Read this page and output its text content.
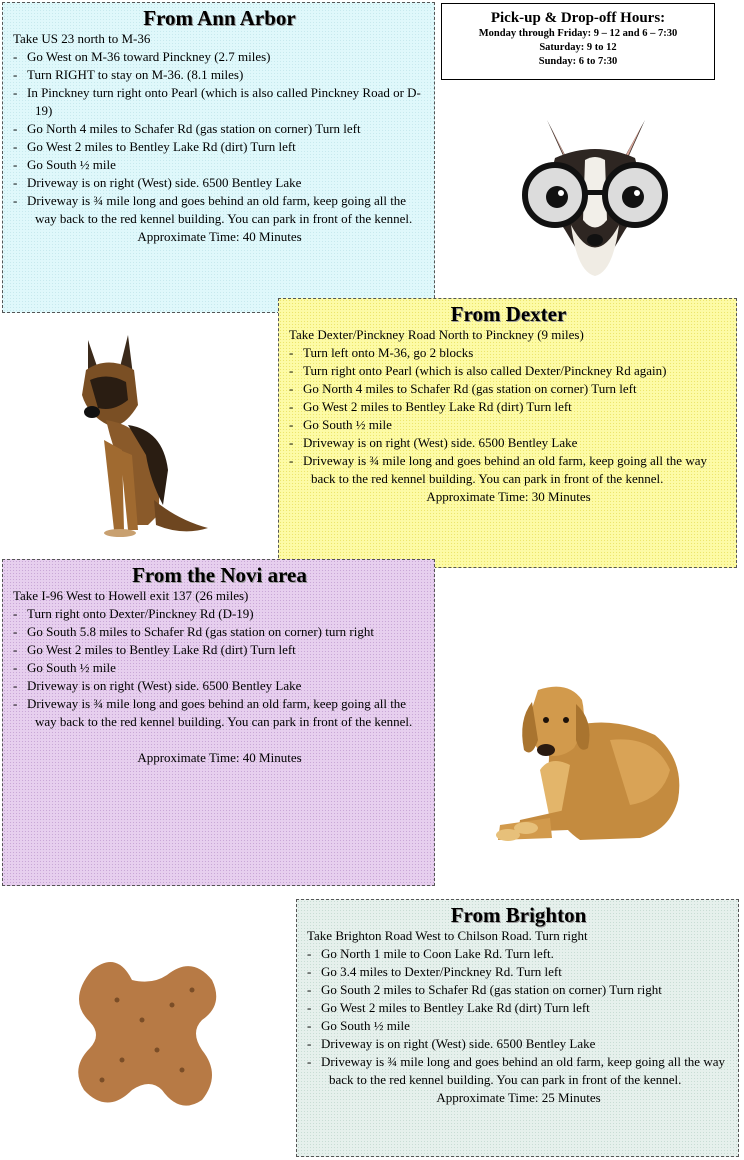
From Ann Arbor
Take US 23 north to M-36
- Go West on M-36 toward Pinckney (2.7 miles)
- Turn RIGHT to stay on M-36. (8.1 miles)
- In Pinckney turn right onto Pearl (which is also called Pinckney Road or D-19)
- Go North 4 miles to Schafer Rd (gas station on corner) Turn left
- Go West 2 miles to Bentley Lake Rd (dirt) Turn left
- Go South ½ mile
- Driveway is on right (West) side. 6500 Bentley Lake
- Driveway is ¾ mile long and goes behind an old farm, keep going all the way back to the red kennel building. You can park in front of the kennel.
Approximate Time: 40 Minutes
Pick-up & Drop-off Hours:
Monday through Friday: 9 – 12 and 6 – 7:30
Saturday: 9 to 12
Sunday: 6 to 7:30
From Dexter
Take Dexter/Pinckney Road North to Pinckney (9 miles)
- Turn left onto M-36, go 2 blocks
- Turn right onto Pearl (which is also called Dexter/Pinckney Rd again)
- Go North 4 miles to Schafer Rd (gas station on corner) Turn left
- Go West 2 miles to Bentley Lake Rd (dirt) Turn left
- Go South ½ mile
- Driveway is on right (West) side. 6500 Bentley Lake
- Driveway is ¾ mile long and goes behind an old farm, keep going all the way back to the red kennel building. You can park in front of the kennel.
Approximate Time: 30 Minutes
From the Novi area
Take I-96 West to Howell exit 137 (26 miles)
- Turn right onto Dexter/Pinckney Rd (D-19)
- Go South 5.8 miles to Schafer Rd (gas station on corner) turn right
- Go West 2 miles to Bentley Lake Rd (dirt) Turn left
- Go South ½ mile
- Driveway is on right (West) side. 6500 Bentley Lake
- Driveway is ¾ mile long and goes behind an old farm, keep going all the way back to the red kennel building. You can park in front of the kennel.
Approximate Time: 40 Minutes
From Brighton
Take Brighton Road West to Chilson Road. Turn right
- Go North 1 mile to Coon Lake Rd. Turn left.
- Go 3.4 miles to Dexter/Pinckney Rd. Turn left
- Go South 2 miles to Schafer Rd (gas station on corner) Turn right
- Go West 2 miles to Bentley Lake Rd (dirt) Turn left
- Go South ½ mile
- Driveway is on right (West) side. 6500 Bentley Lake
- Driveway is ¾ mile long and goes behind an old farm, keep going all the way back to the red kennel building. You can park in front of the kennel.
Approximate Time: 25 Minutes
